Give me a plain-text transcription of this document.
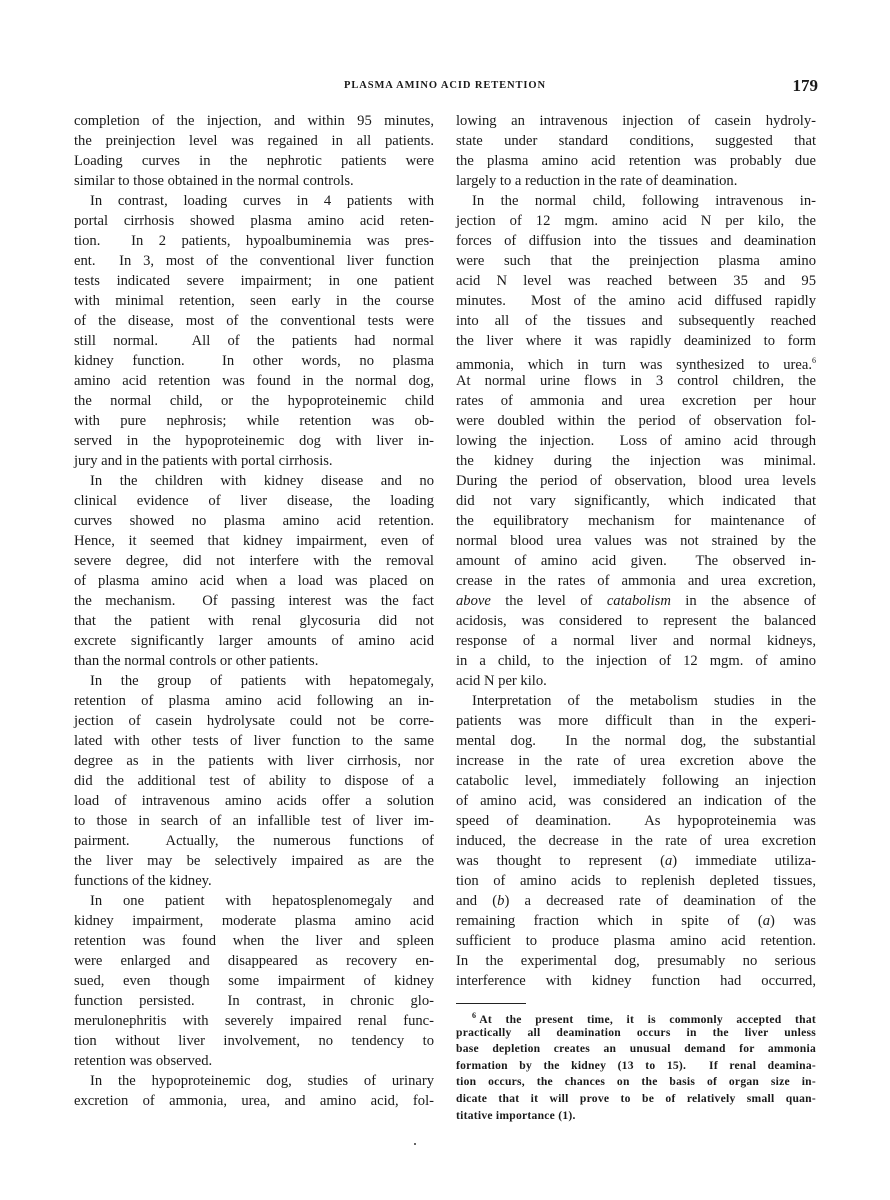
PLASMA AMINO ACID RETENTION	179
completion of the injection, and within 95 minutes,
the preinjection level was regained in all patients.
Loading curves in the nephrotic patients were
similar to those obtained in the normal controls.
In contrast, loading curves in 4 patients with
portal cirrhosis showed plasma amino acid reten-
tion.  In 2 patients, hypoalbuminemia was pres-
ent.  In 3, most of the conventional liver function
tests indicated severe impairment; in one patient
with minimal retention, seen early in the course
of the disease, most of the conventional tests were
still normal.  All of the patients had normal
kidney function.  In other words, no plasma
amino acid retention was found in the normal dog,
the normal child, or the hypoproteinemic child
with pure nephrosis; while retention was ob-
served in the hypoproteinemic dog with liver in-
jury and in the patients with portal cirrhosis.
In the children with kidney disease and no
clinical evidence of liver disease, the loading
curves showed no plasma amino acid retention.
Hence, it seemed that kidney impairment, even of
severe degree, did not interfere with the removal
of plasma amino acid when a load was placed on
the mechanism.  Of passing interest was the fact
that the patient with renal glycosuria did not
excrete significantly larger amounts of amino acid
than the normal controls or other patients.
In the group of patients with hepatomegaly,
retention of plasma amino acid following an in-
jection of casein hydrolysate could not be corre-
lated with other tests of liver function to the same
degree as in the patients with liver cirrhosis, nor
did the additional test of ability to dispose of a
load of intravenous amino acids offer a solution
to those in search of an infallible test of liver im-
pairment.  Actually, the numerous functions of
the liver may be selectively impaired as are the
functions of the kidney.
In one patient with hepatosplenomegaly and
kidney impairment, moderate plasma amino acid
retention was found when the liver and spleen
were enlarged and disappeared as recovery en-
sued, even though some impairment of kidney
function persisted.  In contrast, in chronic glo-
merulonephritis with severely impaired renal func-
tion without liver involvement, no tendency to
retention was observed.
In the hypoproteinemic dog, studies of urinary
excretion of ammonia, urea, and amino acid, fol-
lowing an intravenous injection of casein hydroly-
state under standard conditions, suggested that
the plasma amino acid retention was probably due
largely to a reduction in the rate of deamination.
In the normal child, following intravenous in-
jection of 12 mgm. amino acid N per kilo, the
forces of diffusion into the tissues and deamination
were such that the preinjection plasma amino
acid N level was reached between 35 and 95
minutes.  Most of the amino acid diffused rapidly
into all of the tissues and subsequently reached
the liver where it was rapidly deaminized to form
ammonia, which in turn was synthesized to urea.$^6$
At normal urine flows in 3 control children, the
rates of ammonia and urea excretion per hour
were doubled within the period of observation fol-
lowing the injection.  Loss of amino acid through
the kidney during the injection was minimal.
During the period of observation, blood urea levels
did not vary significantly, which indicated that
the equilibratory mechanism for maintenance of
normal blood urea values was not strained by the
amount of amino acid given.  The observed in-
crease in the rates of ammonia and urea excretion,
above the level of catabolism in the absence of
acidosis, was considered to represent the balanced
response of a normal liver and normal kidneys,
in a child, to the injection of 12 mgm. of amino
acid N per kilo.
Interpretation of the metabolism studies in the
patients was more difficult than in the experi-
mental dog.  In the normal dog, the substantial
increase in the rate of urea excretion above the
catabolic level, immediately following an injection
of amino acid, was considered an indication of the
speed of deamination.  As hypoproteinemia was
induced, the decrease in the rate of urea excretion
was thought to represent (a) immediate utiliza-
tion of amino acids to replenish depleted tissues,
and (b) a decreased rate of deamination of the
remaining fraction which in spite of (a) was
sufficient to produce plasma amino acid retention.
In the experimental dog, presumably no serious
interference with kidney function had occurred,
$^6$ At the present time, it is commonly accepted that
practically all deamination occurs in the liver unless
base depletion creates an unusual demand for ammonia
formation by the kidney (13 to 15).  If renal deamina-
tion occurs, the chances on the basis of organ size in-
dicate that it will prove to be of relatively small quan-
titative importance (1).
